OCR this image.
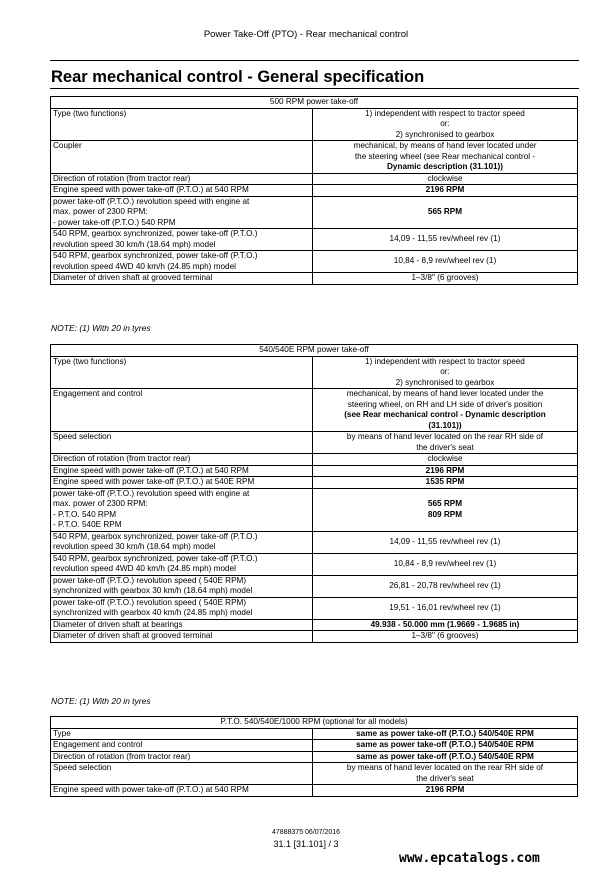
Power Take-Off (PTO) - Rear mechanical control
Rear mechanical control - General specification
500 RPM power take-off	
Type (two functions)	1) independent with respect to tractor speed
or:
2) synchronised to gearbox
Coupler	mechanical, by means of hand lever located under
the steering wheel (see Rear mechanical control -
Dynamic description (31.101))
Direction of rotation (from tractor rear)	clockwise
Engine speed with power take-off (P.T.O.) at 540 RPM	2196 RPM
power take-off (P.T.O.) revolution speed with engine at
max. power of 2300 RPM:
- power take-off (P.T.O.) 540 RPM	565 RPM
540 RPM, gearbox synchronized, power take-off (P.T.O.)
revolution speed 30 km/h (18.64 mph) model	14,09 - 11,55 rev/wheel rev (1)
540 RPM, gearbox synchronized, power take-off (P.T.O.)
revolution speed 4WD 40 km/h (24.85 mph) model	10,84 - 8,9 rev/wheel rev (1)
Diameter of driven shaft at grooved terminal	1–3/8" (6 grooves)
NOTE: (1) With 20 in tyres
540/540E RPM power take-off	
Type (two functions)	1) independent with respect to tractor speed
or:
2) synchronised to gearbox
Engagement and control	mechanical, by means of hand lever located under the
steering wheel, on RH and LH side of driver's position
(see Rear mechanical control - Dynamic description
(31.101))
Speed selection	by means of hand lever located on the rear RH side of
the driver's seat
Direction of rotation (from tractor rear)	clockwise
Engine speed with power take-off (P.T.O.) at 540 RPM	2196 RPM
Engine speed with power take-off (P.T.O.) at 540E RPM	1535 RPM
power take-off (P.T.O.) revolution speed with engine at
max. power of 2300 RPM:
- P.T.O. 540 RPM
- P.T.O. 540E RPM	565 RPM
809 RPM
540 RPM, gearbox synchronized, power take-off (P.T.O.)
revolution speed 30 km/h (18.64 mph) model	14,09 - 11,55 rev/wheel rev (1)
540 RPM, gearbox synchronized, power take-off (P.T.O.)
revolution speed 4WD 40 km/h (24.85 mph) model	10,84 - 8,9 rev/wheel rev (1)
power take-off (P.T.O.) revolution speed ( 540E RPM)
synchronized with gearbox 30 km/h (18.64 mph) model	26,81 - 20,78 rev/wheel rev (1)
power take-off (P.T.O.) revolution speed ( 540E RPM)
synchronized with gearbox 40 km/h (24.85 mph) model	19,51 - 16,01 rev/wheel rev (1)
Diameter of driven shaft at bearings	49.938 - 50.000 mm (1.9669 - 1.9685 in)
Diameter of driven shaft at grooved terminal	1–3/8" (6 grooves)
NOTE: (1) With 20 in tyres
P.T.O. 540/540E/1000 RPM (optional for all models)	
Type	same as power take-off (P.T.O.) 540/540E RPM
Engagement and control	same as power take-off (P.T.O.) 540/540E RPM
Direction of rotation (from tractor rear)	same as power take-off (P.T.O.) 540/540E RPM
Speed selection	by means of hand lever located on the rear RH side of
the driver's seat
Engine speed with power take-off (P.T.O.) at 540 RPM	2196 RPM
47888375 06/07/2016
31.1 [31.101] / 3
www.epcatalogs.com
